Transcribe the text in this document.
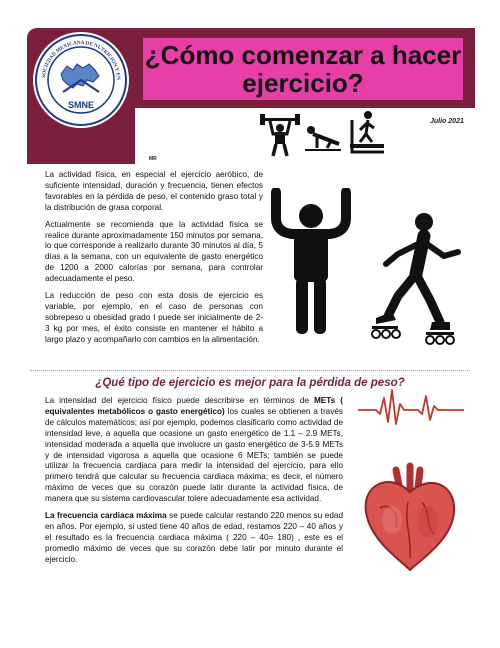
SOCIEDAD MEXICANA DE NUTRICION Y EN
SMNE
MR
¿Cómo comenzar a hacer ejercicio?
Julio 2021

La actividad física, en especial el ejercicio aeróbico, de suficiente intensidad, duración y frecuencia, tienen efectos favorables en la pérdida de peso, el contenido graso total y la distribución de grasa corporal.

Actualmente se recomienda que la actividad física se realice durante aproximadamente 150 minutos por semana, lo que corresponde a realizarlo durante 30 minutos al día, 5 días a la semana, con un equivalente de gasto energético de 1200 a 2000 calorías por semana, para controlar adecuadamente el peso.

La reducción de peso con esta dosis de ejercicio es variable, por ejemplo, en el caso de personas con sobrepeso u obesidad grado I puede ser inicialmente de 2-3 kg por mes, el éxito consiste en mantener el hábito a largo plazo y acompañarlo con cambios en la alimentación.

¿Qué tipo de ejercicio es mejor para la pérdida de peso?

La intensidad del ejercicio físico puede describirse en términos de METs ( equivalentes metabólicos o gasto energético) los cuales se obtienen a través de cálculos matemáticos; así por ejemplo, podemos clasificarlo como actividad de intensidad leve, a aquella que ocasione un gasto energético de 1.1 – 2.9 METs, intensidad moderada a aquella que involucre un gasto energético de 3-5.9 METs y de intensidad vigorosa a aquella que ocasione 6 METs; también se puede utilizar la frecuencia cardiaca para medir la intensidad del ejercicio, para ello primero tendrá que calcular su frecuencia cardiaca máxima; es decir, el número máximo de veces que su corazón puede latir durante la actividad física, de manera que su sistema cardiovascular tolere adecuadamente esa actividad.

La frecuencia cardiaca máxima se puede calcular restando 220 menos su edad en años. Por ejemplo, si usted tiene 40 años de edad, restamos 220 – 40 años y el resultado es la frecuencia cardiaca máxima ( 220 – 40= 180) , este es el promedio máximo de veces que su corazón debe latir por minuto durante el ejercicio.
